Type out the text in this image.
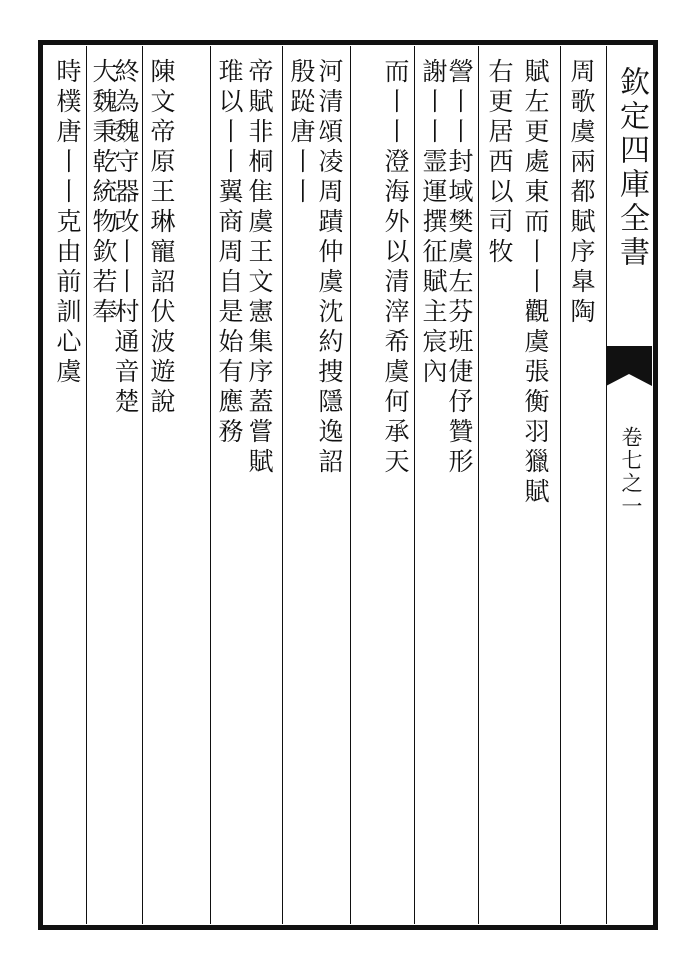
欽定四庫全書
卷七之一
周歌虞兩都賦序臯陶
賦左更處東而丨丨觀虞張衡羽獵賦
右更居西以司牧
謍丨丨封域樊虞左芬班倢伃贊形
謝丨丨霊運撰征賦主宸內
而丨丨澄海外以清滓希虞何承天
河清頌凌周蹟仲虞沈約捜隱逸詔
殷踨唐丨丨
帝賦非桐隹虞王文憲集序蓋嘗賦
琟以丨丨翼商周自是始有應務
陳文帝原王琳寵詔伏波遊說
終為魏守器改丨丨村通音楚
大魏秉乾統物欽若奉
時樸唐丨丨克由前訓心虞
